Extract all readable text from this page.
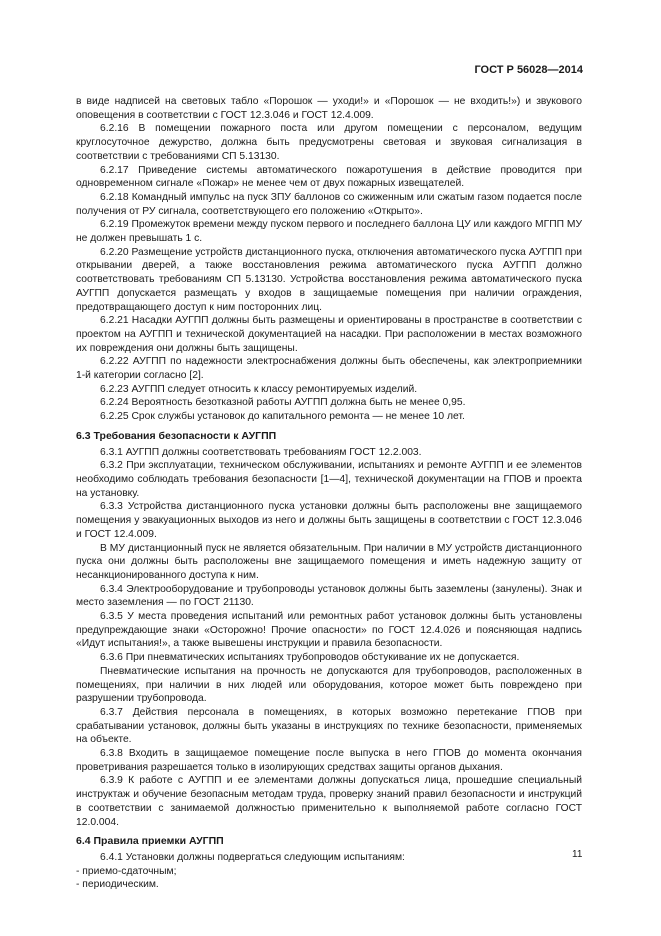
ГОСТ Р 56028—2014
в виде надписей на световых табло «Порошок — уходи!» и «Порошок — не входить!») и звукового оповещения в соответствии с ГОСТ 12.3.046 и ГОСТ 12.4.009.
6.2.16 В помещении пожарного поста или другом помещении с персоналом, ведущим круглосуточное дежурство, должна быть предусмотрены световая и звуковая сигнализация в соответствии с требованиями СП 5.13130.
6.2.17 Приведение системы автоматического пожаротушения в действие проводится при одновременном сигнале «Пожар» не менее чем от двух пожарных извещателей.
6.2.18 Командный импульс на пуск ЗПУ баллонов со сжиженным или сжатым газом подается после получения от РУ сигнала, соответствующего его положению «Открыто».
6.2.19 Промежуток времени между пуском первого и последнего баллона ЦУ или каждого МГПП МУ не должен превышать 1 с.
6.2.20 Размещение устройств дистанционного пуска, отключения автоматического пуска АУГПП при открывании дверей, а также восстановления режима автоматического пуска АУГПП должно соответствовать требованиям СП 5.13130. Устройства восстановления режима автоматического пуска АУГПП допускается размещать у входов в защищаемые помещения при наличии ограждения, предотвращающего доступ к ним посторонних лиц.
6.2.21 Насадки АУГПП должны быть размещены и ориентированы в пространстве в соответствии с проектом на АУГПП и технической документацией на насадки. При расположении в местах возможного их повреждения они должны быть защищены.
6.2.22 АУГПП по надежности электроснабжения должны быть обеспечены, как электроприемники 1-й категории согласно [2].
6.2.23 АУГПП следует относить к классу ремонтируемых изделий.
6.2.24 Вероятность безотказной работы АУГПП должна быть не менее 0,95.
6.2.25 Срок службы установок до капитального ремонта — не менее 10 лет.
6.3 Требования безопасности к АУГПП
6.3.1 АУГПП должны соответствовать требованиям ГОСТ 12.2.003.
6.3.2 При эксплуатации, техническом обслуживании, испытаниях и ремонте АУГПП и ее элементов необходимо соблюдать требования безопасности [1—4], технической документации на ГПОВ и проекта на установку.
6.3.3 Устройства дистанционного пуска установки должны быть расположены вне защищаемого помещения у эвакуационных выходов из него и должны быть защищены в соответствии с ГОСТ 12.3.046 и ГОСТ 12.4.009.
В МУ дистанционный пуск не является обязательным. При наличии в МУ устройств дистанционного пуска они должны быть расположены вне защищаемого помещения и иметь надежную защиту от несанкционированного доступа к ним.
6.3.4 Электрооборудование и трубопроводы установок должны быть заземлены (занулены). Знак и место заземления — по ГОСТ 21130.
6.3.5 У места проведения испытаний или ремонтных работ установок должны быть установлены предупреждающие знаки «Осторожно! Прочие опасности» по ГОСТ 12.4.026 и поясняющая надпись «Идут испытания!», а также вывешены инструкции и правила безопасности.
6.3.6 При пневматических испытаниях трубопроводов обстукивание их не допускается.
Пневматические испытания на прочность не допускаются для трубопроводов, расположенных в помещениях, при наличии в них людей или оборудования, которое может быть повреждено при разрушении трубопровода.
6.3.7 Действия персонала в помещениях, в которых возможно перетекание ГПОВ при срабатывании установок, должны быть указаны в инструкциях по технике безопасности, применяемых на объекте.
6.3.8 Входить в защищаемое помещение после выпуска в него ГПОВ до момента окончания проветривания разрешается только в изолирующих средствах защиты органов дыхания.
6.3.9 К работе с АУГПП и ее элементами должны допускаться лица, прошедшие специальный инструктаж и обучение безопасным методам труда, проверку знаний правил безопасности и инструкций в соответствии с занимаемой должностью применительно к выполняемой работе согласно ГОСТ 12.0.004.
6.4 Правила приемки АУГПП
6.4.1 Установки должны подвергаться следующим испытаниям:
- приемо-сдаточным;
- периодическим.
11
